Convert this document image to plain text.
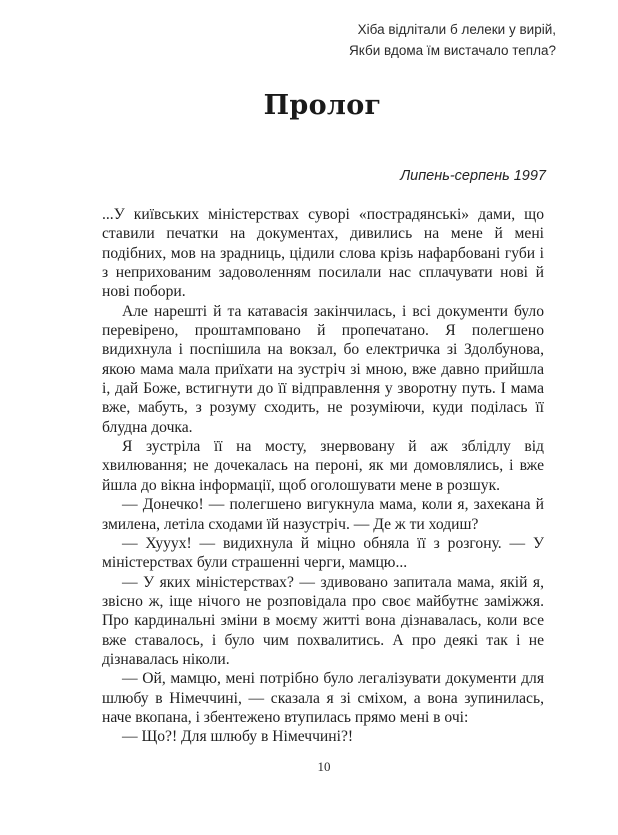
Хіба відлітали б лелеки у вирій,
Якби вдома їм вистачало тепла?
Пролог
Липень-серпень 1997

...У київських міністерствах суворі «пострадянські» дами, що ставили печатки на документах, дивились на мене й мені подібних, мов на зрадниць, цідили слова крізь нафарбовані губи і з неприхованим задоволенням посилали нас сплачувати нові й нові побори.

Але нарешті й та катавасія закінчилась, і всі документи було перевірено, проштамповано й пропечатано. Я полегшено видихнула і поспішила на вокзал, бо електричка зі Здолбунова, якою мама мала приїхати на зустріч зі мною, вже давно прийшла і, дай Боже, встигнути до її відправлення у зворотну путь. І мама вже, мабуть, з розуму сходить, не розуміючи, куди поділась її блудна дочка.

Я зустріла її на мосту, знервовану й аж зблідлу від хвилювання; не дочекалась на пероні, як ми домовлялись, і вже йшла до вікна інформації, щоб оголошувати мене в розшук.

— Донечко! — полегшено вигукнула мама, коли я, захекана й змилена, летіла сходами їй назустріч. — Де ж ти ходиш?

— Хууух! — видихнула й міцно обняла її з розгону. — У міністерствах були страшенні черги, мамцю...

— У яких міністерствах? — здивовано запитала мама, якій я, звісно ж, іще нічого не розповідала про своє майбутнє заміжжя. Про кардинальні зміни в моєму житті вона дізнавалась, коли все вже ставалось, і було чим похвалитись. А про деякі так і не дізнавалась ніколи.

— Ой, мамцю, мені потрібно було легалізувати документи для шлюбу в Німеччині, — сказала я зі сміхом, а вона зупинилась, наче вкопана, і збентежено втупилась прямо мені в очі:

— Що?! Для шлюбу в Німеччині?!

10
